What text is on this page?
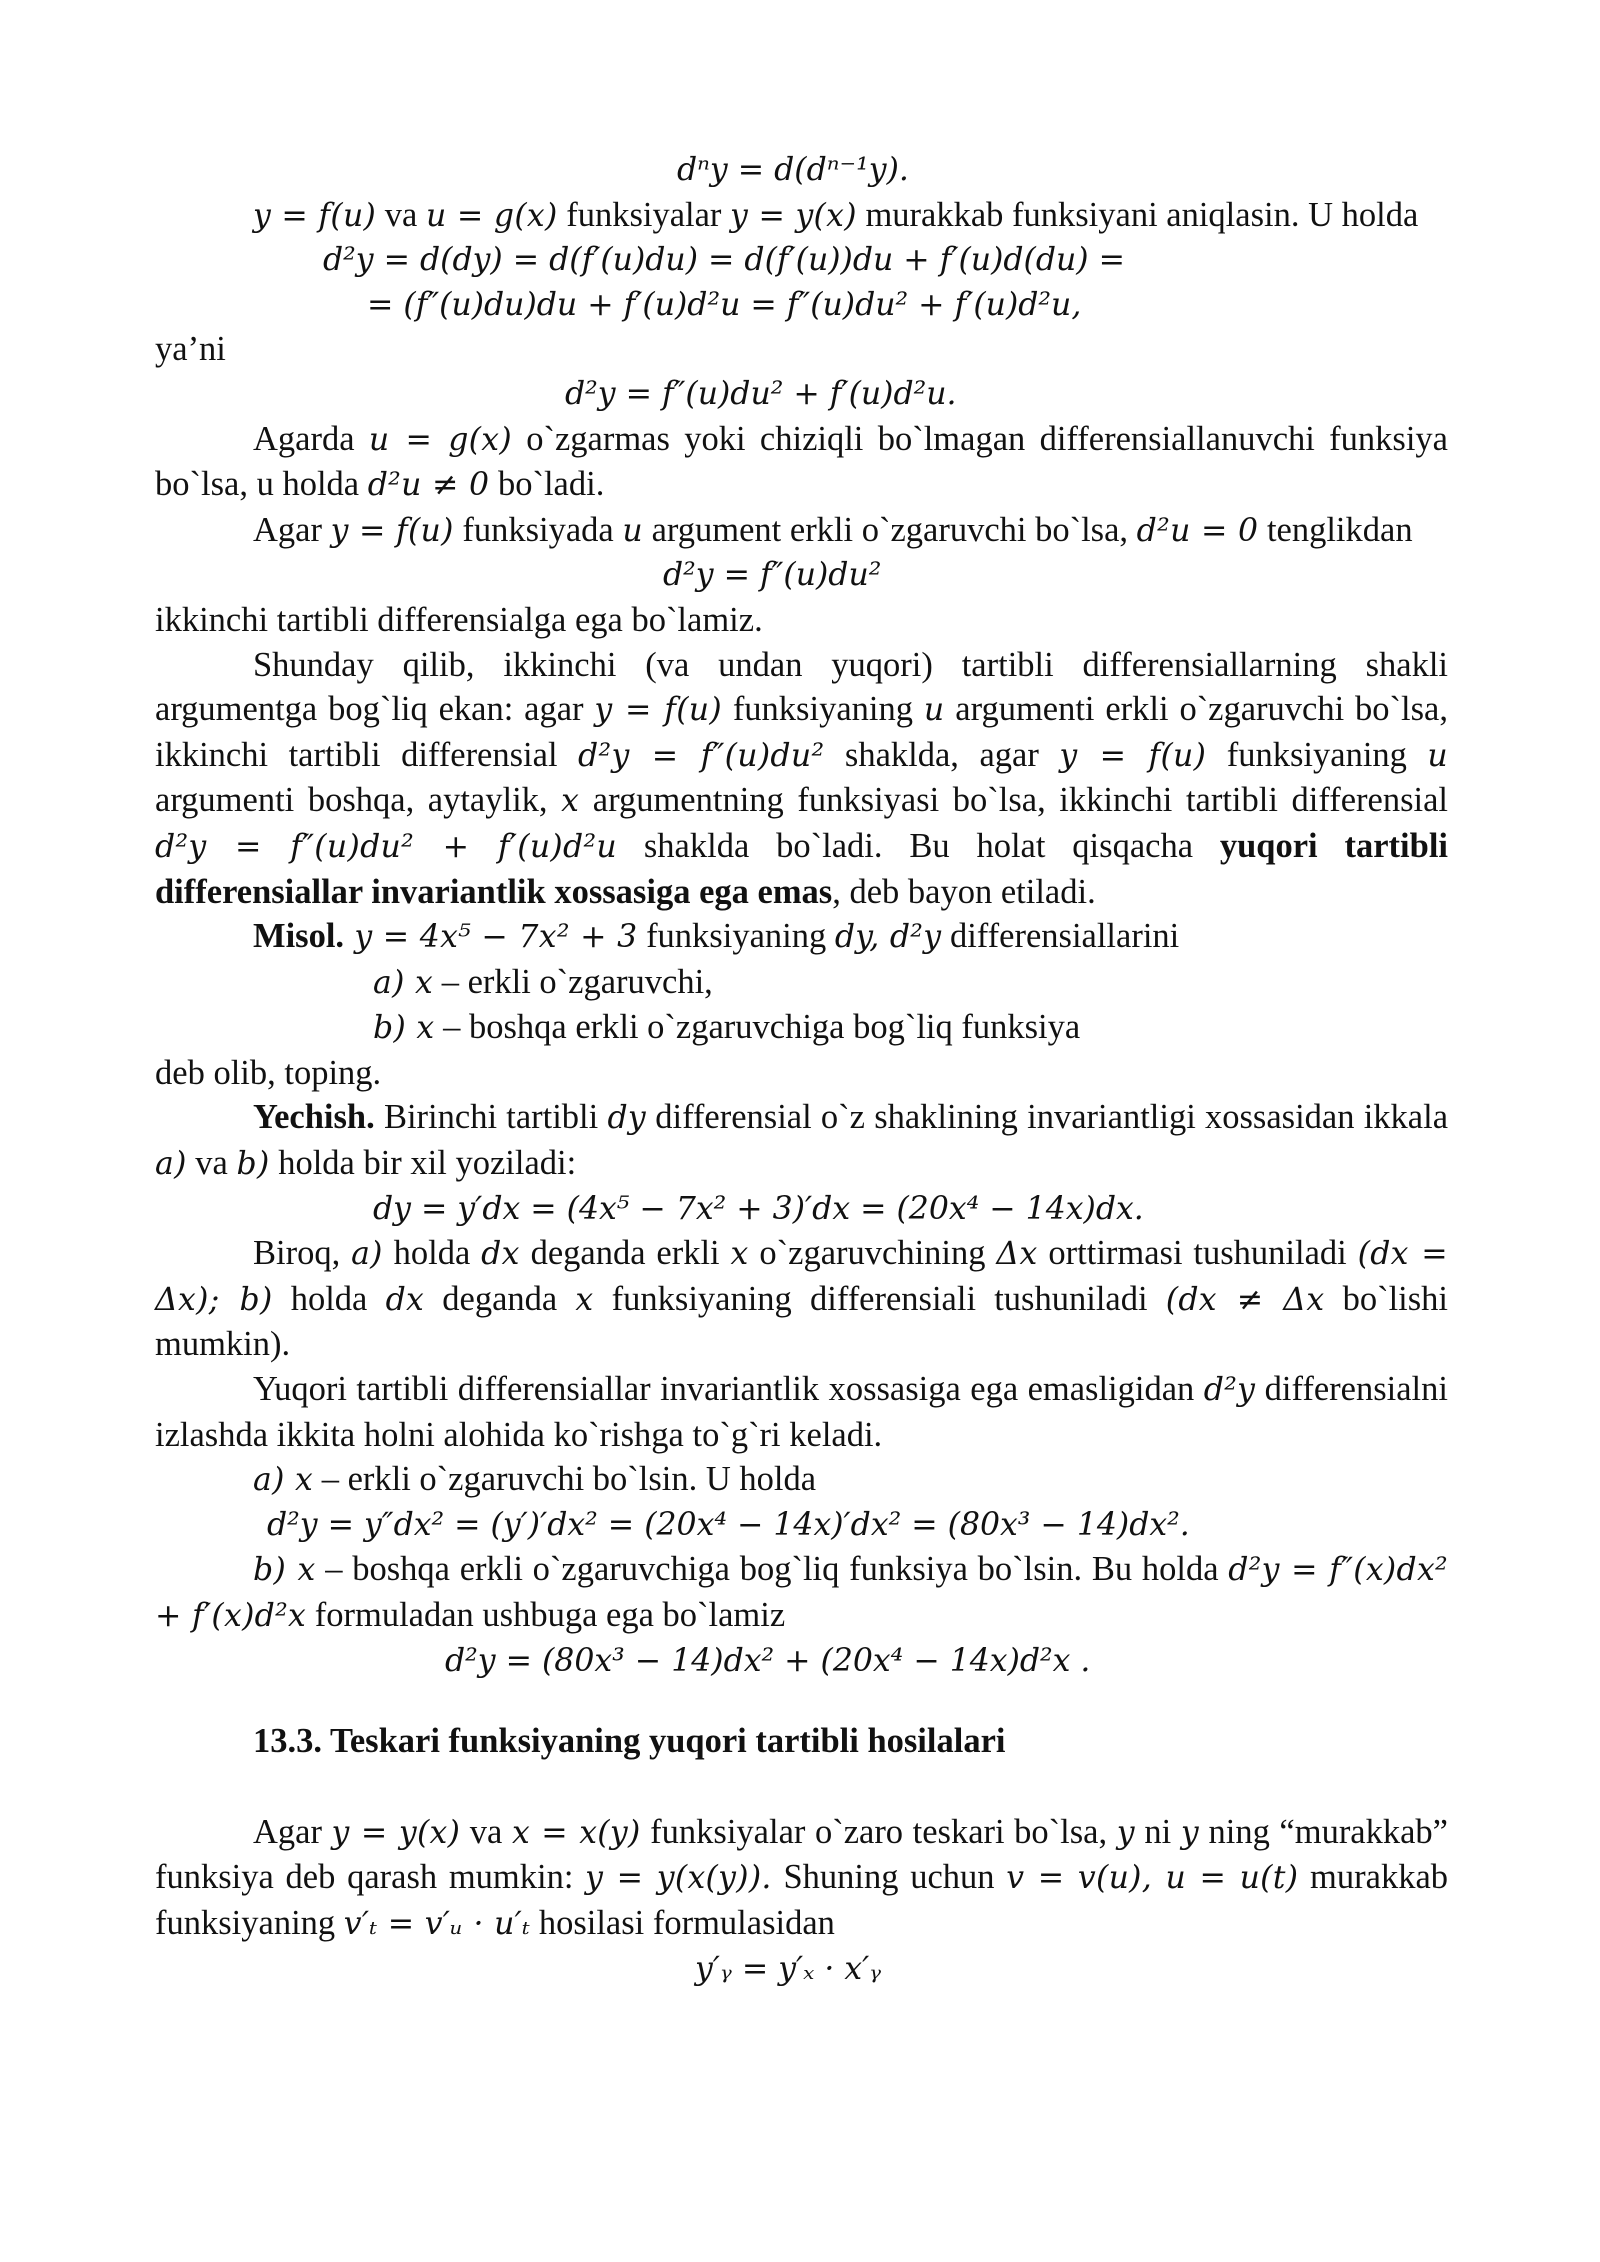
dⁿy = d(dⁿ⁻¹y).

y = f(u) va u = g(x) funksiyalar y = y(x) murakkab funksiyani aniqlasin. U holda

d²y = d(dy) = d(f′(u)du) = d(f′(u))du + f′(u)d(du) =

= (f″(u)du)du + f′(u)d²u = f″(u)du² + f′(u)d²u,

ya’ni

d²y = f″(u)du² + f′(u)d²u.

Agarda u = g(x) o`zgarmas yoki chiziqli bo`lmagan differensiallanuvchi funksiya bo`lsa, u holda d²u ≠ 0 bo`ladi.

Agar y = f(u) funksiyada u argument erkli o`zgaruvchi bo`lsa, d²u = 0 tenglikdan

d²y = f″(u)du²

ikkinchi tartibli differensialga ega bo`lamiz.

Shunday qilib, ikkinchi (va undan yuqori) tartibli differensiallarning shakli argumentga bog`liq ekan: agar y = f(u) funksiyaning u argumenti erkli o`zgaruvchi bo`lsa, ikkinchi tartibli differensial d²y = f″(u)du² shaklda, agar y = f(u) funksiyaning u argumenti boshqa, aytaylik, x argumentning funksiyasi bo`lsa, ikkinchi tartibli differensial d²y = f″(u)du² + f′(u)d²u shaklda bo`ladi. Bu holat qisqacha yuqori tartibli differensiallar invariantlik xossasiga ega emas, deb bayon etiladi.

Misol. y = 4x⁵ − 7x² + 3 funksiyaning dy, d²y differensiallarini

a) x – erkli o`zgaruvchi,

b) x – boshqa erkli o`zgaruvchiga bog`liq funksiya

deb olib, toping.

Yechish. Birinchi tartibli dy differensial o`z shaklining invariantligi xossasidan ikkala a) va b) holda bir xil yoziladi:

dy = y′dx = (4x⁵ − 7x² + 3)′dx = (20x⁴ − 14x)dx.

Biroq, a) holda dx deganda erkli x o`zgaruvchining Δx orttirmasi tushuniladi (dx = Δx); b) holda dx deganda x funksiyaning differensiali tushuniladi (dx ≠ Δx bo`lishi mumkin).

Yuqori tartibli differensiallar invariantlik xossasiga ega emasligidan d²y differensialni izlashda ikkita holni alohida ko`rishga to`g`ri keladi.

a) x – erkli o`zgaruvchi bo`lsin. U holda

d²y = y″dx² = (y′)′dx² = (20x⁴ − 14x)′dx² = (80x³ − 14)dx².

b) x – boshqa erkli o`zgaruvchiga bog`liq funksiya bo`lsin. Bu holda d²y = f″(x)dx² + f′(x)d²x formuladan ushbuga ega bo`lamiz

d²y = (80x³ − 14)dx² + (20x⁴ − 14x)d²x .

13.3. Teskari funksiyaning yuqori tartibli hosilalari

Agar y = y(x) va x = x(y) funksiyalar o`zaro teskari bo`lsa, y ni y ning “murakkab” funksiya deb qarash mumkin: y = y(x(y)). Shuning uchun v = v(u), u = u(t) murakkab funksiyaning v′ₜ = v′ᵤ · u′ₜ hosilasi formulasidan

y′ᵧ = y′ₓ · x′ᵧ
